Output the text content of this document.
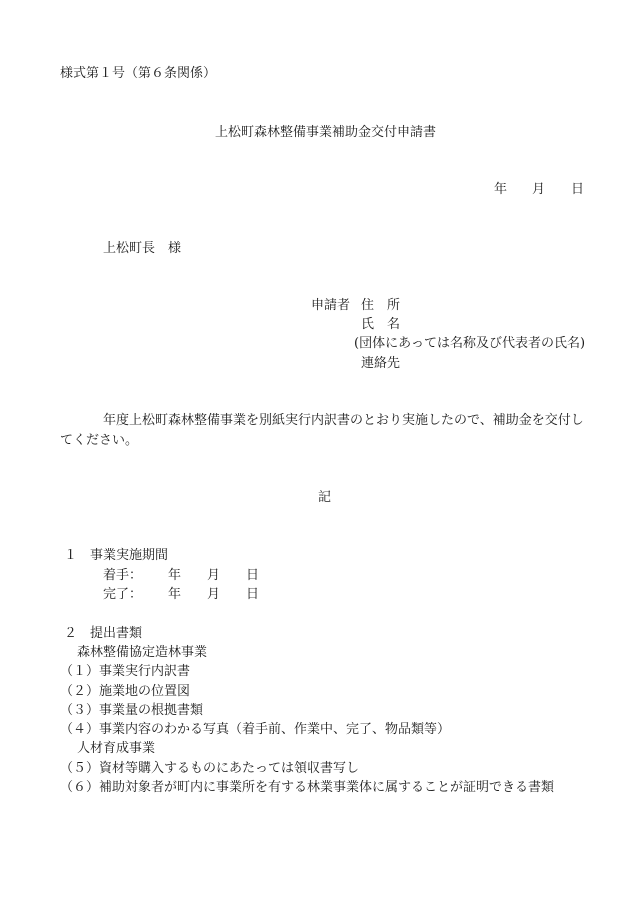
様式第１号（第６条関係）
上松町森林整備事業補助金交付申請書
年 月 日
上松町長　様
申請者 住　所
氏　名
(団体にあっては名称及び代表者の氏名)
連絡先
年度上松町森林整備事業を別紙実行内訳書のとおり実施したので、補助金を交付し
てください。
記
１　事業実施期間
着手： 年 月 日
完了： 年 月 日
２　提出書類
森林整備協定造林事業
（１）事業実行内訳書
（２）施業地の位置図
（３）事業量の根拠書類
（４）事業内容のわかる写真（着手前、作業中、完了、物品類等）
人材育成事業
（５）資材等購入するものにあたっては領収書写し
（６）補助対象者が町内に事業所を有する林業事業体に属することが証明できる書類
